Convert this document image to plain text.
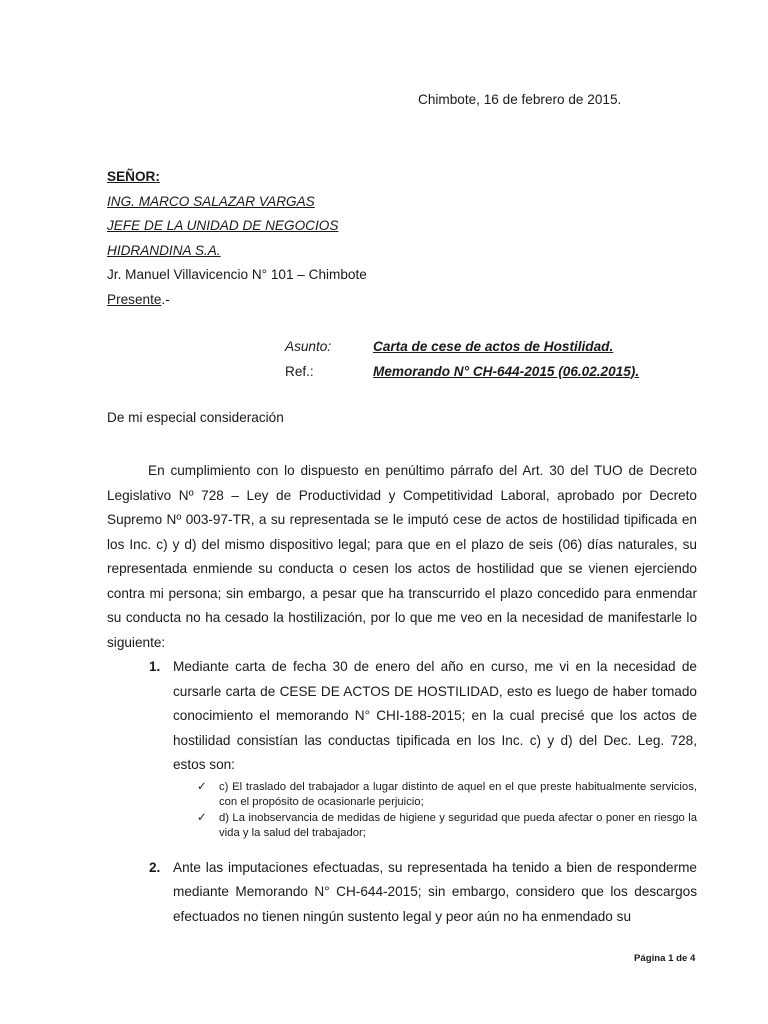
Chimbote, 16 de febrero de 2015.
SEÑOR:
ING. MARCO SALAZAR VARGAS
JEFE DE LA UNIDAD DE NEGOCIOS
HIDRANDINA S.A.
Jr. Manuel Villavicencio N° 101 – Chimbote
Presente.-
Asunto:	Carta de cese de actos de Hostilidad.
Ref.:	Memorando N° CH-644-2015 (06.02.2015).
De mi especial consideración

En cumplimiento con lo dispuesto en penúltimo párrafo del Art. 30 del TUO de Decreto Legislativo Nº 728 – Ley de Productividad y Competitividad Laboral, aprobado por Decreto Supremo Nº 003-97-TR, a su representada se le imputó cese de actos de hostilidad tipificada en los Inc. c) y d) del mismo dispositivo legal; para que en el plazo de seis (06) días naturales, su representada enmiende su conducta o cesen los actos de hostilidad que se vienen ejerciendo contra mi persona; sin embargo, a pesar que ha transcurrido el plazo concedido para enmendar su conducta no ha cesado la hostilización, por lo que me veo en la necesidad de manifestarle lo siguiente:

1. Mediante carta de fecha 30 de enero del año en curso, me vi en la necesidad de cursarle carta de CESE DE ACTOS DE HOSTILIDAD, esto es luego de haber tomado conocimiento el memorando N° CHI-188-2015; en la cual precisé que los actos de hostilidad consistían las conductas tipificada en los Inc. c) y d) del Dec. Leg. 728, estos son:
✓	c) El traslado del trabajador a lugar distinto de aquel en el que preste habitualmente servicios, con el propósito de ocasionarle perjuicio;
✓	d) La inobservancia de medidas de higiene y seguridad que pueda afectar o poner en riesgo la vida y la salud del trabajador;
2. Ante las imputaciones efectuadas, su representada ha tenido a bien de responderme mediante Memorando N° CH-644-2015; sin embargo, considero que los descargos efectuados no tienen ningún sustento legal y peor aún no ha enmendado su
Página 1 de 4
